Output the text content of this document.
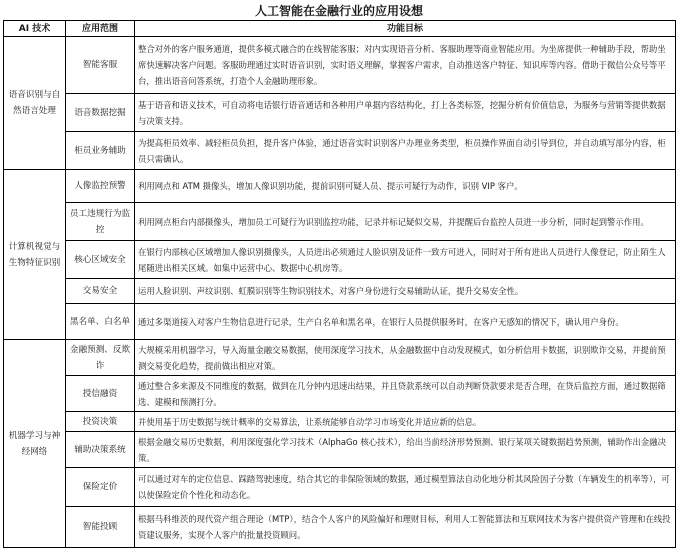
人工智能在金融行业的应用设想
AI 技术	应用范围	功能目标
语音识别与自然语言处理	智能客服	整合对外的客户服务通道，提供多模式融合的在线智能客服；对内实现语音分析、客服助理等商业智能应用。为坐席提供一种辅助手段，帮助坐席快速解决客户问题。客服助理通过实时语音识别，实时语义理解，掌握客户需求，自动推送客户特征、知识库等内容。借助于微信公众号等平台，推出语音问答系统，打造个人金融助理形象。
	语音数据挖掘	基于语音和语义技术，可自动将电话银行语音通话和各种用户单据内容结构化，打上各类标签，挖掘分析有价值信息，为服务与营销等提供数据与决策支持。
	柜员业务辅助	为提高柜员效率、减轻柜员负担，提升客户体验，通过语音实时识别客户办理业务类型，柜员操作界面自动引导到位，并自动填写部分内容，柜员只需确认。
计算机视觉与生物特征识别	人像监控预警	利用网点和 ATM 摄像头，增加人像识别功能，提前识别可疑人员、提示可疑行为动作，识别 VIP 客户。
	员工违规行为监控	利用网点柜台内部摄像头，增加员工可疑行为识别监控功能，记录并标记疑似交易，并提醒后台监控人员进一步分析，同时起到警示作用。
	核心区域安全	在银行内部核心区域增加人像识别摄像头，人员进出必须通过人脸识别及证件一致方可进入，同时对于所有进出人员进行人像登记，防止陌生人尾随进出相关区域。如集中运营中心、数据中心机房等。
	交易安全	运用人脸识别、声纹识别、虹膜识别等生物识别技术，对客户身份进行交易辅助认证，提升交易安全性。
	黑名单、白名单	通过多渠道接入对客户生物信息进行记录，生产白名单和黑名单，在银行人员提供服务时，在客户无感知的情况下，确认用户身份。
机器学习与神经网络	金融预测、反欺诈	大规模采用机器学习，导入海量金融交易数据，使用深度学习技术，从金融数据中自动发现模式，如分析信用卡数据，识别欺诈交易，并提前预测交易变化趋势，提前做出相应对策。
	授信融资	通过整合多来源及不同维度的数据，做到在几分钟内迅速出结果，并且贷款系统可以自动判断贷款要求是否合理，在贷后监控方面，通过数据筛选、建模和预测打分。
	投资决策	并使用基于历史数据与统计概率的交易算法，让系统能够自动学习市场变化并适应新的信息。
	辅助决策系统	根据金融交易历史数据，利用深度强化学习技术（AlphaGo 核心技术），给出当前经济形势预测、银行某项关键数据趋势预测，辅助作出金融决策。
	保险定价	可以通过对车的定位信息、踩踏驾驶速度，结合其它的非保险领域的数据，通过模型算法自动化地分析其风险因子分数（车辆发生的机率等），可以使保险定价个性化和动态化。
	智能投顾	根据马科维茨的现代资产组合理论（MTP），结合个人客户的风险偏好和理财目标，利用人工智能算法和互联网技术为客户提供资产管理和在线投资建议服务，实现个人客户的批量投资顾问。
